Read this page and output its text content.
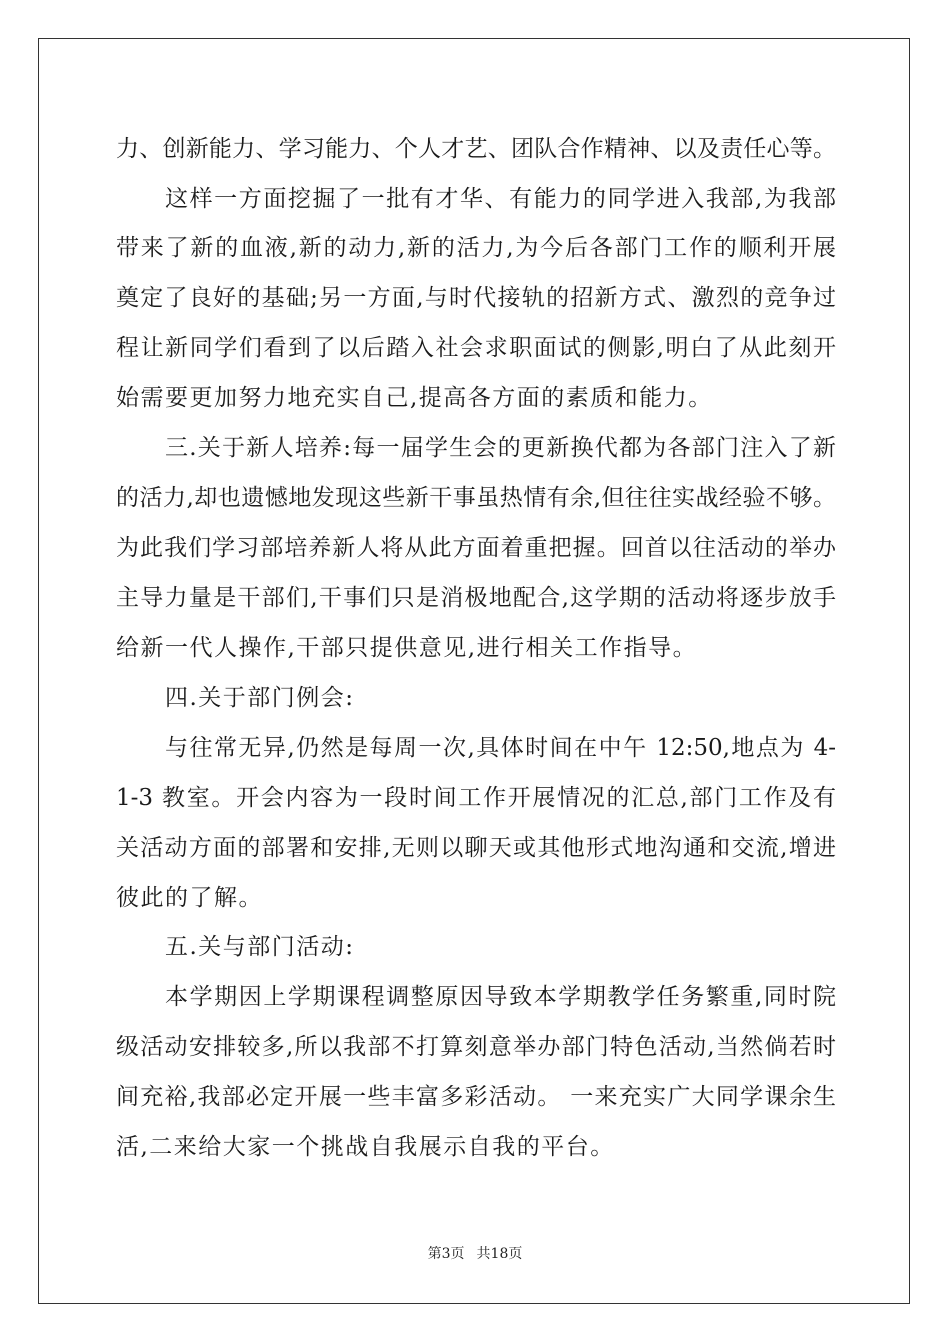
力、创新能力、学习能力、个人才艺、团队合作精神、以及责任心等。
这样一方面挖掘了一批有才华、有能力的同学进入我部,为我部
带来了新的血液,新的动力,新的活力,为今后各部门工作的顺利开展
奠定了良好的基础;另一方面,与时代接轨的招新方式、激烈的竞争过
程让新同学们看到了以后踏入社会求职面试的侧影,明白了从此刻开
始需要更加努力地充实自己,提高各方面的素质和能力。
三.关于新人培养:每一届学生会的更新换代都为各部门注入了新
的活力,却也遗憾地发现这些新干事虽热情有余,但往往实战经验不够。
为此我们学习部培养新人将从此方面着重把握。回首以往活动的举办
主导力量是干部们,干事们只是消极地配合,这学期的活动将逐步放手
给新一代人操作,干部只提供意见,进行相关工作指导。
四.关于部门例会:
与往常无异,仍然是每周一次,具体时间在中午 12:50,地点为 4-
1-3 教室。开会内容为一段时间工作开展情况的汇总,部门工作及有
关活动方面的部署和安排,无则以聊天或其他形式地沟通和交流,增进
彼此的了解。
五.关与部门活动:
本学期因上学期课程调整原因导致本学期教学任务繁重,同时院
级活动安排较多,所以我部不打算刻意举办部门特色活动,当然倘若时
间充裕,我部必定开展一些丰富多彩活动。 一来充实广大同学课余生
活,二来给大家一个挑战自我展示自我的平台。
第3页 共18页
